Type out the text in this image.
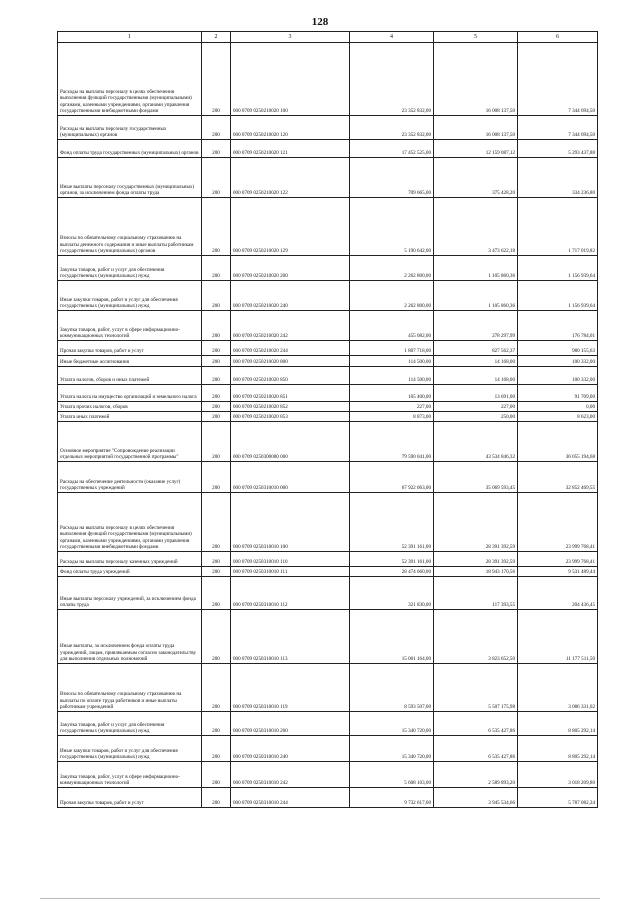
128
1	2	3	4	5	6
Расходы на выплаты персоналу в целях обеспечения выполнения функций государственными (муниципальными) органами, казенными учреждениями, органами управления государственными внебюджетными фондами	200	000 0709 0250210020 100	23 352 832,00	16 008 137,50	7 344 694,50
Расходы на выплаты персоналу государственных (муниципальных) органов	200	000 0709 0250210020 120	23 352 832,00	16 008 137,50	7 344 694,50
Фонд оплаты труда государственных (муниципальных) органов	200	000 0709 0250210020 121	17 452 525,00	12 159 087,12	5 293 437,88
Иные выплаты персоналу государственных (муниципальных) органов, за исключением фонда оплаты труда	200	000 0709 0250210020 122	709 665,00	375 428,20	334 236,80
Взносы по обязательному социальному страхованию на выплаты денежного содержания и иные выплаты работникам государственных (муниципальных) органов	200	000 0709 0250210020 129	5 190 642,00	3 473 622,18	1 717 019,82
Закупка товаров, работ и услуг для обеспечения государственных (муниципальных) нужд	200	000 0709 0250210020 200	2 262 800,00	1 105 860,36	1 156 939,64
Иные закупки товаров, работ и услуг для обеспечения государственных (муниципальных) нужд	200	000 0709 0250210020 240	2 262 800,00	1 105 860,36	1 156 939,64
Закупка товаров, работ, услуг в сфере информационно-коммуникационных технологий	200	000 0709 0250210020 242	455 082,00	278 297,99	176 784,01
Прочая закупка товаров, работ и услуг	200	000 0709 0250210020 244	1 807 718,00	827 562,37	980 155,63
Иные бюджетные ассигнования	200	000 0709 0250210020 800	114 500,00	14 168,00	100 332,00
Уплата налогов, сборов и иных платежей	200	000 0709 0250210020 850	114 500,00	14 168,00	100 332,00
Уплата налога на имущество организаций и земельного налога	200	000 0709 0250210020 851	105 400,00	13 691,00	91 709,00
Уплата прочих налогов, сборов	200	000 0709 0250210020 852	227,00	227,00	0,00
Уплата иных платежей	200	000 0709 0250210020 853	8 873,00	250,00	8 623,00
Основное мероприятие "Сопровождение реализации отдельных мероприятий государственной программы"	200	000 0709 0250300000 000	79 590 041,00	43 534 846,32	36 055 194,68
Расходы на обеспечение деятельности (оказание услуг) государственных учреждений	200	000 0709 0250310010 000	67 922 063,00	35 069 593,45	32 852 469,55
Расходы на выплаты персоналу в целях обеспечения выполнения функций государственными (муниципальными) органами, казенными учреждениями, органами управления государственными внебюджетными фондами	200	000 0709 0250310010 100	52 391 161,00	28 391 392,59	23 999 768,41
Расходы на выплаты персоналу казенных учреждений	200	000 0709 0250310010 110	52 391 161,00	28 391 392,59	23 999 768,41
Фонд оплаты труда учреждений	200	000 0709 0250310010 111	28 474 660,00	18 943 170,56	9 531 489,44
Иные выплаты персоналу учреждений, за исключением фонда оплаты труда	200	000 0709 0250310010 112	321 830,00	117 393,55	204 436,45
Иные выплаты, за исключением фонда оплаты труда учреждений, лицам, привлекаемым согласно законодательству для выполнения отдельных полномочий	200	000 0709 0250310010 113	15 001 164,00	3 823 652,50	11 177 511,50
Взносы по обязательному социальному страхованию на выплаты по оплате труда работников и иные выплаты работникам учреждений	200	000 0709 0250310010 119	8 593 507,00	5 507 175,98	3 086 331,02
Закупка товаров, работ и услуг для обеспечения государственных (муниципальных) нужд	200	000 0709 0250310010 200	15 340 720,00	6 535 427,86	8 805 292,14
Иные закупки товаров, работ и услуг для обеспечения государственных (муниципальных) нужд	200	000 0709 0250310010 240	15 340 720,00	6 535 427,86	8 805 292,14
Закупка товаров, работ, услуг в сфере информационно-коммуникационных технологий	200	000 0709 0250310010 242	5 608 103,00	2 589 893,20	3 018 209,80
Прочая закупка товаров, работ и услуг	200	000 0709 0250310010 244	9 732 617,00	3 945 534,66	5 787 082,34
